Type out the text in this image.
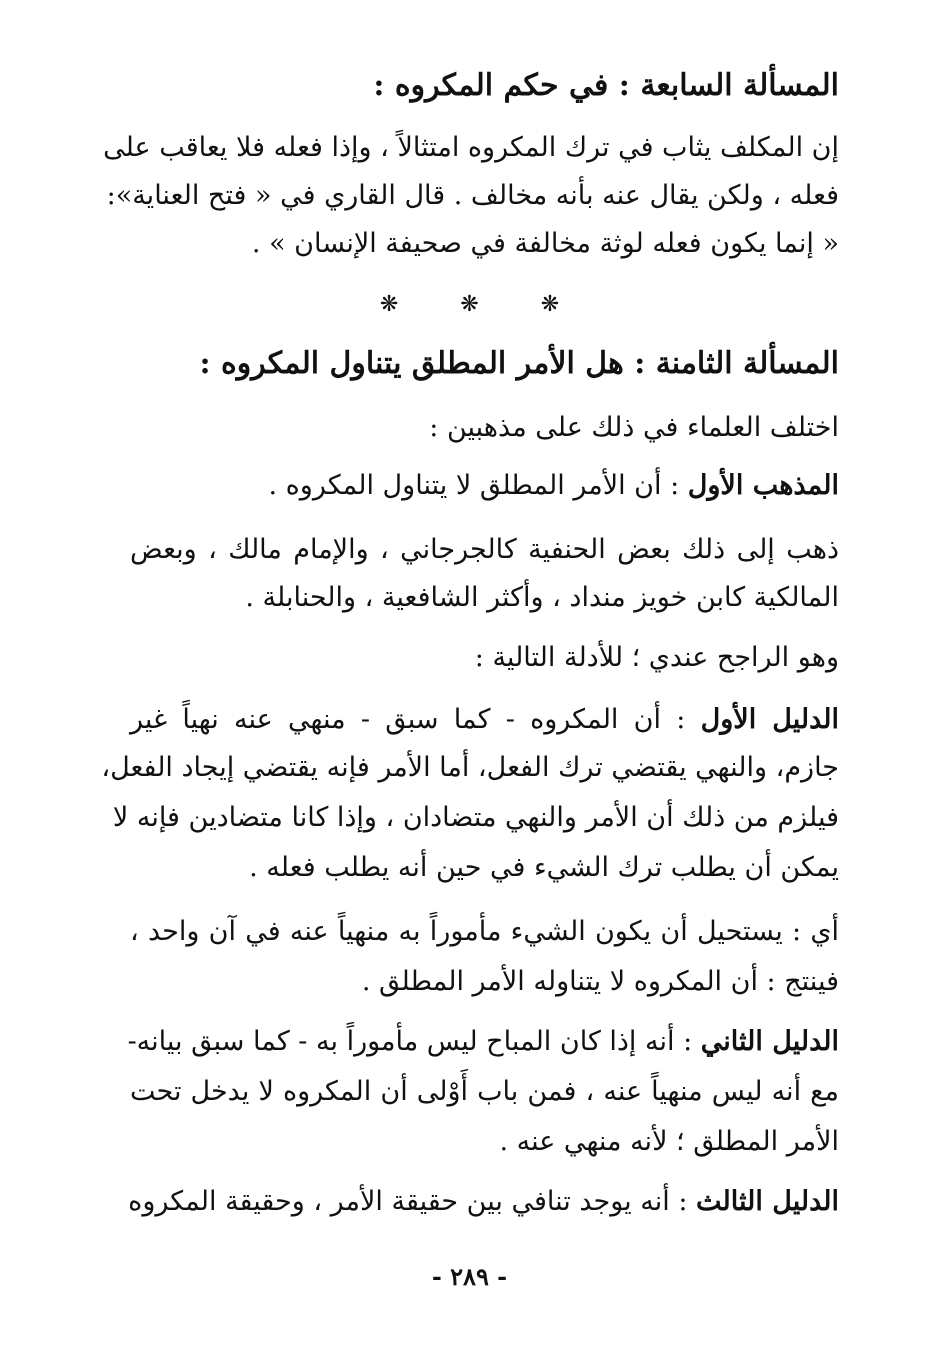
المسألة السابعة : في حكم المكروه :
إن المكلف يثاب في ترك المكروه امتثالاً ، وإذا فعله فلا يعاقب على
فعله ، ولكن يقال عنه بأنه مخالف . قال القاري في « فتح العناية»:
« إنما يكون فعله لوثة مخالفة في صحيفة الإنسان » .
❋	❋	❋
المسألة الثامنة : هل الأمر المطلق يتناول المكروه :
اختلف العلماء في ذلك على مذهبين :
المذهب الأول : أن الأمر المطلق لا يتناول المكروه .
ذهب إلى ذلك بعض الحنفية كالجرجاني ، والإمام مالك ، وبعض
المالكية كابن خويز منداد ، وأكثر الشافعية ، والحنابلة .
وهو الراجح عندي ؛ للأدلة التالية :
الدليل الأول : أن المكروه - كما سبق - منهي عنه نهياً غير
جازم، والنهي يقتضي ترك الفعل، أما الأمر فإنه يقتضي إيجاد الفعل،
فيلزم من ذلك أن الأمر والنهي متضادان ، وإذا كانا متضادين فإنه لا
يمكن أن يطلب ترك الشيء في حين أنه يطلب فعله .
أي : يستحيل أن يكون الشيء مأموراً به منهياً عنه في آن واحد ،
فينتج : أن المكروه لا يتناوله الأمر المطلق .
الدليل الثاني : أنه إذا كان المباح ليس مأموراً به - كما سبق بيانه-
مع أنه ليس منهياً عنه ، فمن باب أَوْلى أن المكروه لا يدخل تحت
الأمر المطلق ؛ لأنه منهي عنه .
الدليل الثالث : أنه يوجد تنافي بين حقيقة الأمر ، وحقيقة المكروه
- ٢٨٩ -
